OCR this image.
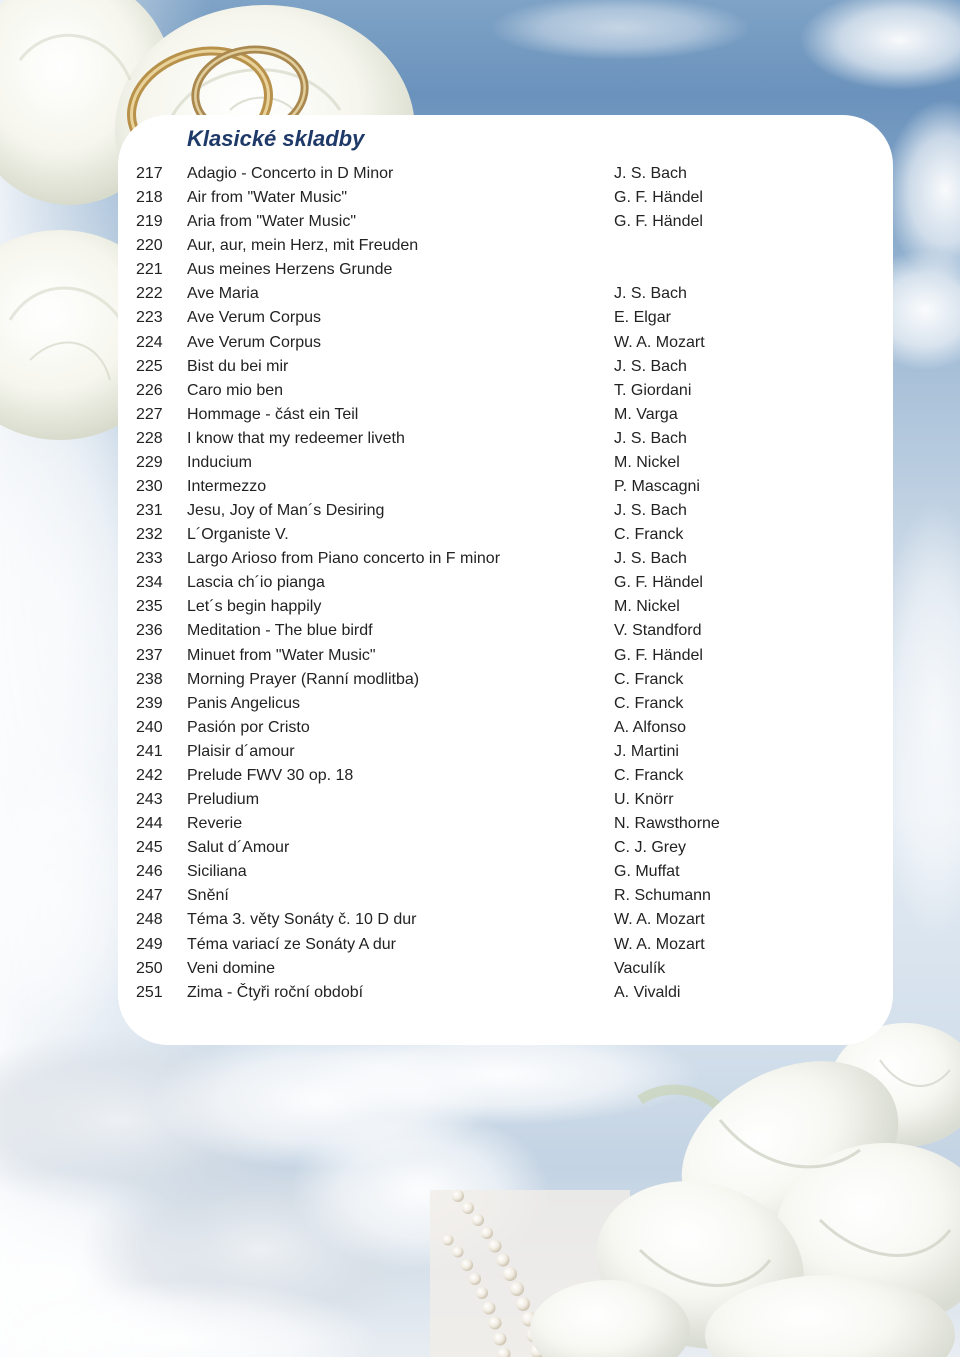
Klasické skladby
217 Adagio - Concerto in D Minor	J. S. Bach
218 Air from "Water Music"	G. F. Händel
219 Aria from "Water Music"	G. F. Händel
220 Aur, aur, mein Herz, mit Freuden
221 Aus meines Herzens Grunde
222 Ave Maria	J. S. Bach
223 Ave Verum Corpus	E. Elgar
224 Ave Verum Corpus	W. A. Mozart
225 Bist du bei mir	J. S. Bach
226 Caro mio ben	T. Giordani
227 Hommage - část ein Teil	M. Varga
228 I know that my redeemer liveth	J. S. Bach
229 Inducium	M. Nickel
230 Intermezzo	P. Mascagni
231 Jesu, Joy of Man´s Desiring	J. S. Bach
232 L´Organiste V.	C. Franck
233 Largo Arioso from Piano concerto in F minor	J. S. Bach
234 Lascia ch´io pianga	G. F. Händel
235 Let´s begin happily	M. Nickel
236 Meditation - The blue birdf	V. Standford
237 Minuet from "Water Music"	G. F. Händel
238 Morning Prayer (Ranní modlitba)	C. Franck
239 Panis Angelicus	C. Franck
240 Pasión por Cristo	A. Alfonso
241 Plaisir d´amour	J. Martini
242 Prelude FWV 30 op. 18	C. Franck
243 Preludium	U. Knörr
244 Reverie	N. Rawsthorne
245 Salut d´Amour	C. J. Grey
246 Siciliana	G. Muffat
247 Snění	R. Schumann
248 Téma 3. věty Sonáty č. 10 D dur	W. A. Mozart
249 Téma variací ze Sonáty A dur	W. A. Mozart
250 Veni domine	Vaculík
251 Zima - Čtyři roční období	A. Vivaldi
